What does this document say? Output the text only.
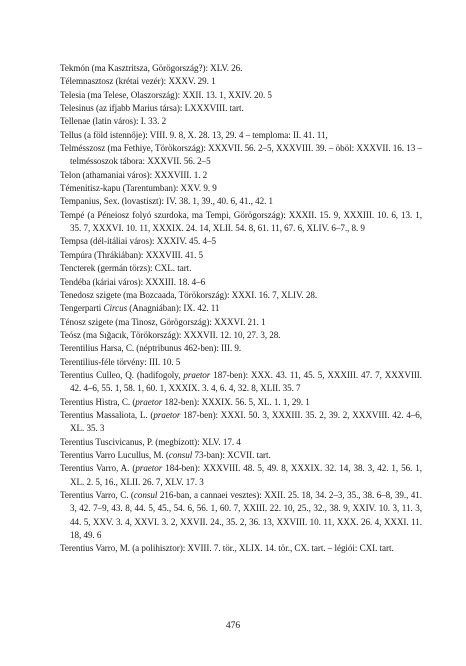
Tekmón (ma Kasztritsza, Görögország?): XLV. 26.
Télemnasztosz (krétai vezér): XXXV. 29. 1
Telesia (ma Telese, Olaszország): XXII. 13. 1, XXIV. 20. 5
Telesinus (az ifjabb Marius társa): LXXXVIII. tart.
Tellenae (latin város): I. 33. 2
Tellus (a föld istennője): VIII. 9. 8, X. 28. 13, 29. 4 – temploma: II. 41. 11,
Telmésszosz (ma Fethiye, Törökország): XXXVII. 56. 2–5, XXXVIII. 39. – öböl: XXXVII. 16. 13 – telméssoszok tábora: XXXVII. 56. 2–5
Telon (athamaniai város): XXXVIII. 1. 2
Témenitisz-kapu (Tarentumban): XXV. 9. 9
Tempanius, Sex. (lovastiszt): IV. 38. 1, 39., 40. 6, 41., 42. 1
Tempé (a Péneiosz folyó szurdoka, ma Tempi, Görögország): XXXII. 15. 9, XXXIII. 10. 6, 13. 1, 35. 7, XXXVI. 10. 11, XXXIX. 24. 14, XLII. 54. 8, 61. 11, 67. 6, XLIV. 6–7., 8. 9
Tempsa (dél-itáliai város): XXXIV. 45. 4–5
Tempúra (Thrákiában): XXXVIII. 41. 5
Tencterek (germán törzs): CXL. tart.
Tendéba (káriai város): XXXIII. 18. 4–6
Tenedosz szigete (ma Bozcaada, Törökország): XXXI. 16. 7, XLIV. 28.
Tengerparti Circus (Anagniában): IX. 42. 11
Ténosz szigete (ma Tinosz, Görögország): XXXVI. 21. 1
Teósz (ma Sığacık, Törökország): XXXVII. 12. 10, 27. 3, 28.
Terentilius Harsa, C. (néptribunus 462-ben): III. 9.
Terentilius-féle törvény: III. 10. 5
Terentius Culleo, Q. (hadifogoly, praetor 187-ben): XXX. 43. 11, 45. 5, XXXIII. 47. 7, XXXVIII. 42. 4–6, 55. 1, 58. 1, 60. 1, XXXIX. 3. 4, 6. 4, 32. 8, XLII. 35. 7
Terentius Histra, C. (praetor 182-ben): XXXIX. 56. 5, XL. 1. 1, 29. 1
Terentius Massaliota, L. (praetor 187-ben): XXXI. 50. 3, XXXIII. 35. 2, 39. 2, XXXVIII. 42. 4–6, XL. 35. 3
Terentius Tuscivicanus, P. (megbízott): XLV. 17. 4
Terentius Varro Lucullus, M. (consul 73-ban): XCVII. tart.
Terentius Varro, A. (praetor 184-ben): XXXVIII. 48. 5, 49. 8, XXXIX. 32. 14, 38. 3, 42. 1, 56. 1, XL. 2. 5, 16., XLII. 26. 7, XLV. 17. 3
Terentius Varro, C. (consul 216-ban, a cannaei vesztes): XXII. 25. 18, 34. 2–3, 35., 38. 6–8, 39., 41. 3, 42. 7–9, 43. 8, 44. 5, 45., 54. 6, 56. 1, 60. 7, XXIII. 22. 10, 25., 32., 38. 9, XXIV. 10. 3, 11. 3, 44. 5, XXV. 3. 4, XXVI. 3. 2, XXVII. 24., 35. 2, 36. 13, XXVIII. 10. 11, XXX. 26. 4, XXXI. 11. 18, 49. 6
Terentius Varro, M. (a polihisztor): XVIII. 7. tör., XLIX. 14. tör., CX. tart. – légiói: CXI. tart.
476
